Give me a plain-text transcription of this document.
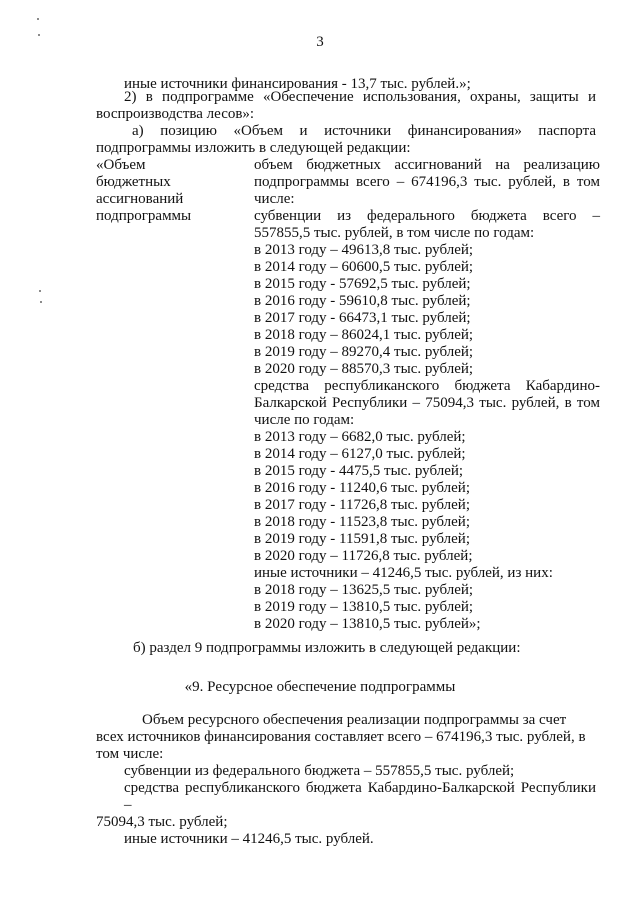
3
иные источники финансирования - 13,7 тыс. рублей.»;
2) в подпрограмме «Обеспечение использования, охраны, защиты и
воспроизводства лесов»:
а) позицию «Объем и источники финансирования» паспорта
подпрограммы изложить в следующей редакции:
«Объем
бюджетных
ассигнований
подпрограммы
объем бюджетных ассигнований на реализацию
подпрограммы всего – 674196,3 тыс. рублей, в том
числе:
субвенции из федерального бюджета всего –
557855,5 тыс. рублей, в том числе по годам:
в 2013 году – 49613,8 тыс. рублей;
в 2014 году – 60600,5 тыс. рублей;
в 2015 году - 57692,5 тыс. рублей;
в 2016 году - 59610,8 тыс. рублей;
в 2017 году - 66473,1 тыс. рублей;
в 2018 году – 86024,1 тыс. рублей;
в 2019 году – 89270,4 тыс. рублей;
в 2020 году – 88570,3 тыс. рублей;
средства республиканского бюджета Кабардино-
Балкарской Республики – 75094,3 тыс. рублей, в том
числе по годам:
в 2013 году – 6682,0 тыс. рублей;
в 2014 году – 6127,0 тыс. рублей;
в 2015 году - 4475,5 тыс. рублей;
в 2016 году - 11240,6 тыс. рублей;
в 2017 году - 11726,8 тыс. рублей;
в 2018 году - 11523,8 тыс. рублей;
в 2019 году - 11591,8 тыс. рублей;
в 2020 году – 11726,8 тыс. рублей;
иные источники – 41246,5 тыс. рублей, из них:
в 2018 году – 13625,5 тыс. рублей;
в 2019 году – 13810,5 тыс. рублей;
в 2020 году – 13810,5 тыс. рублей»;
б) раздел 9 подпрограммы изложить в следующей редакции:
«9. Ресурсное обеспечение подпрограммы
Объем ресурсного обеспечения реализации подпрограммы за счет
всех источников финансирования составляет всего – 674196,3 тыс. рублей, в
том числе:
субвенции из федерального бюджета – 557855,5 тыс. рублей;
средства республиканского бюджета Кабардино-Балкарской Республики –
75094,3 тыс. рублей;
иные источники – 41246,5 тыс. рублей.
